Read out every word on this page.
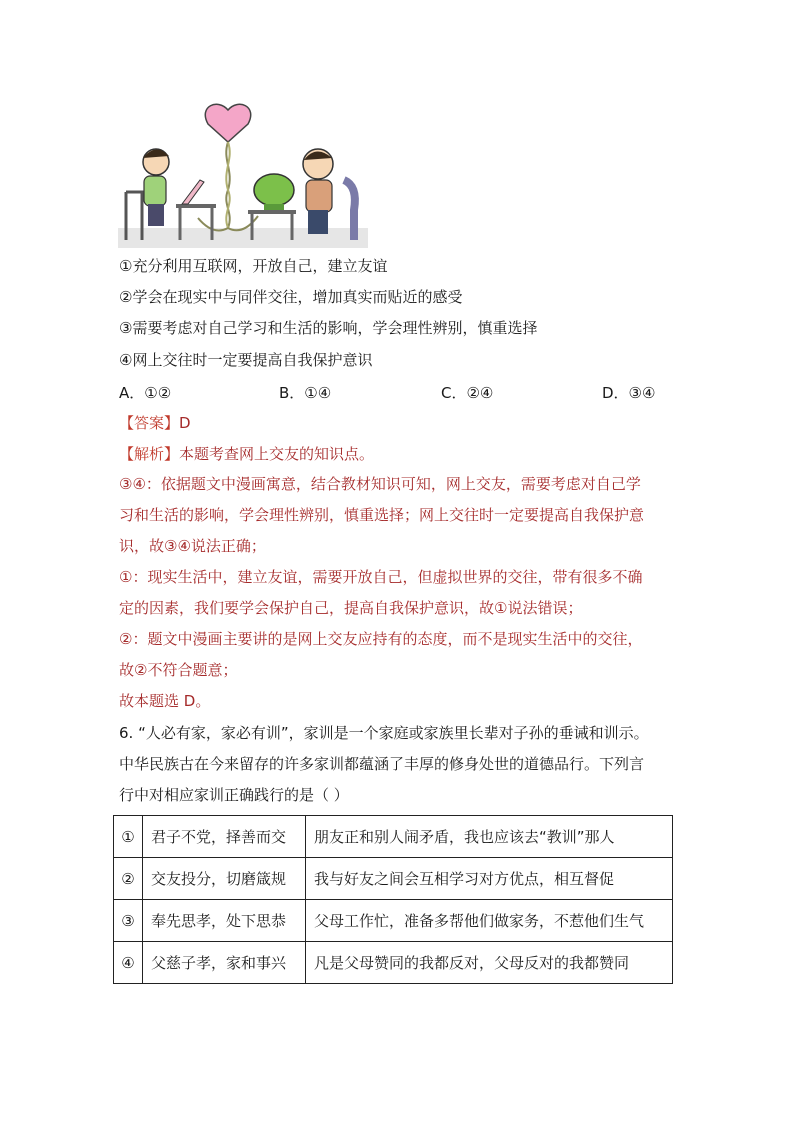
①充分利用互联网，开放自己，建立友谊
②学会在现实中与同伴交往，增加真实而贴近的感受
③需要考虑对自己学习和生活的影响，学会理性辨别，慎重选择
④网上交往时一定要提高自我保护意识
A．①②	B．①④	C．②④	D．③④
【答案】D
【解析】本题考查网上交友的知识点。
③④：依据题文中漫画寓意，结合教材知识可知，网上交友，需要考虑对自己学
习和生活的影响，学会理性辨别，慎重选择；网上交往时一定要提高自我保护意
识，故③④说法正确；
①：现实生活中，建立友谊，需要开放自己，但虚拟世界的交往，带有很多不确
定的因素，我们要学会保护自己，提高自我保护意识，故①说法错误；
②：题文中漫画主要讲的是网上交友应持有的态度，而不是现实生活中的交往，
故②不符合题意；
故本题选 D。
6. “人必有家，家必有训”，家训是一个家庭或家族里长辈对子孙的垂诫和训示。
中华民族古在今来留存的许多家训都蕴涵了丰厚的修身处世的道德品行。下列言
行中对相应家训正确践行的是（ ）
①	君子不党，择善而交	朋友正和别人闹矛盾，我也应该去“教训”那人
②	交友投分，切磨箴规	我与好友之间会互相学习对方优点，相互督促
③	奉先思孝，处下思恭	父母工作忙，准备多帮他们做家务，不惹他们生气
④	父慈子孝，家和事兴	凡是父母赞同的我都反对，父母反对的我都赞同
